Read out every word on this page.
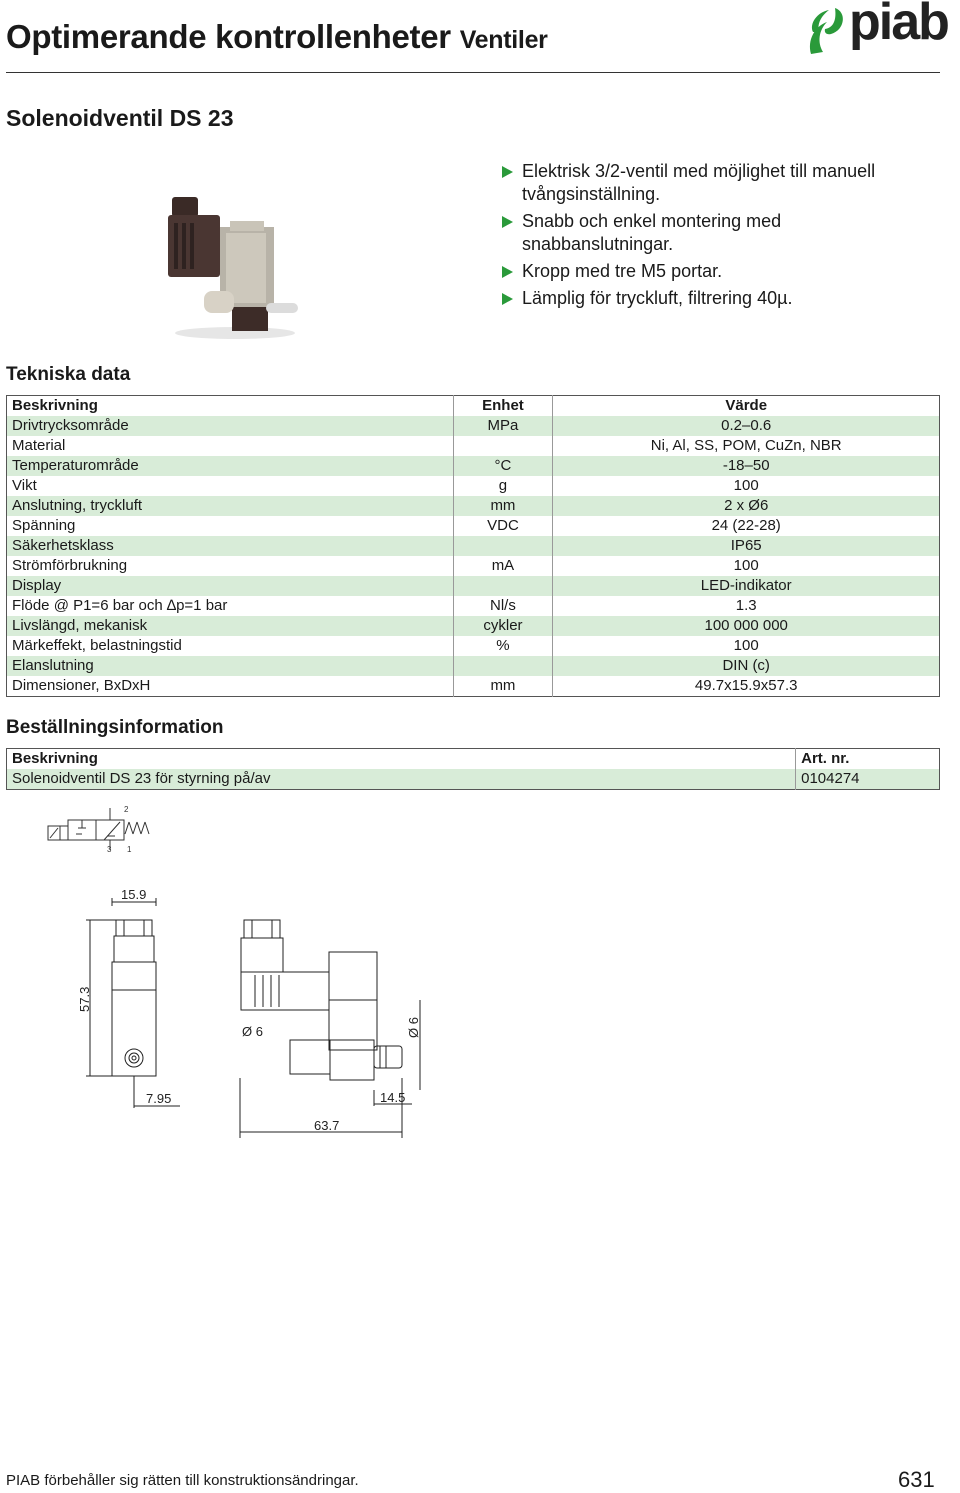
Optimerande kontrollenheter Ventiler	piab
Solenoidventil DS 23
Elektrisk 3/2-ventil med möjlighet till manuell tvångsinställning.
Snabb och enkel montering med snabbanslutningar.
Kropp med tre M5 portar.
Lämplig för tryckluft, filtrering 40µ.
Tekniska data
Beskrivning	Enhet	Värde
Drivtrycksområde	MPa	0.2–0.6
Material		Ni, Al, SS, POM, CuZn, NBR
Temperaturområde	°C	-18–50
Vikt	g	100
Anslutning, tryckluft	mm	2 x Ø6
Spänning	VDC	24 (22-28)
Säkerhetsklass		IP65
Strömförbrukning	mA	100
Display		LED-indikator
Flöde @ P1=6 bar och ∆p=1 bar	Nl/s	1.3
Livslängd, mekanisk	cykler	100 000 000
Märkeffekt, belastningstid	%	100
Elanslutning		DIN (c)
Dimensioner, BxDxH	mm	49.7x15.9x57.3
Beställningsinformation
Beskrivning	Art. nr.
Solenoidventil DS 23 för styrning på/av	0104274
2
3 1
15.9
57.3
7.95
63.7
14.5
Ø 6	Ø 6
PIAB förbehåller sig rätten till konstruktionsändringar.	631
